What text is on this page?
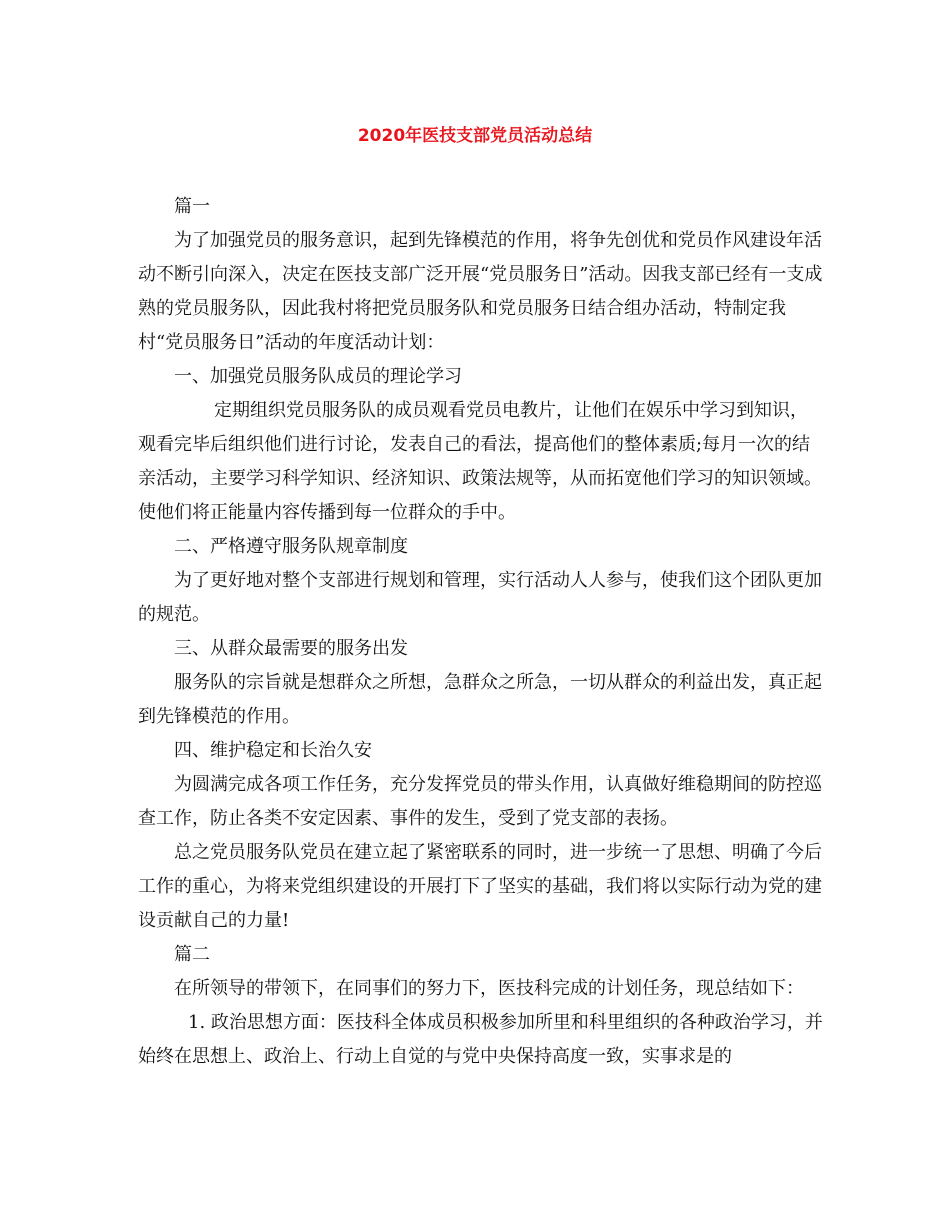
2020年医技支部党员活动总结

篇一

为了加强党员的服务意识，起到先锋模范的作用，将争先创优和党员作风建设年活动不断引向深入，决定在医技支部广泛开展“党员服务日”活动。因我支部已经有一支成熟的党员服务队，因此我村将把党员服务队和党员服务日结合组办活动，特制定我村“党员服务日”活动的年度活动计划：

一、加强党员服务队成员的理论学习

定期组织党员服务队的成员观看党员电教片，让他们在娱乐中学习到知识，观看完毕后组织他们进行讨论，发表自己的看法，提高他们的整体素质;每月一次的结亲活动，主要学习科学知识、经济知识、政策法规等，从而拓宽他们学习的知识领域。使他们将正能量内容传播到每一位群众的手中。

二、严格遵守服务队规章制度

为了更好地对整个支部进行规划和管理，实行活动人人参与，使我们这个团队更加的规范。

三、从群众最需要的服务出发

服务队的宗旨就是想群众之所想，急群众之所急，一切从群众的利益出发，真正起到先锋模范的作用。

四、维护稳定和长治久安

为圆满完成各项工作任务，充分发挥党员的带头作用，认真做好维稳期间的防控巡查工作，防止各类不安定因素、事件的发生，受到了党支部的表扬。

总之党员服务队党员在建立起了紧密联系的同时，进一步统一了思想、明确了今后工作的重心，为将来党组织建设的开展打下了坚实的基础，我们将以实际行动为党的建设贡献自己的力量!

篇二

在所领导的带领下，在同事们的努力下，医技科完成的计划任务，现总结如下：

1. 政治思想方面：医技科全体成员积极参加所里和科里组织的各种政治学习，并始终在思想上、政治上、行动上自觉的与党中央保持高度一致，实事求是的
